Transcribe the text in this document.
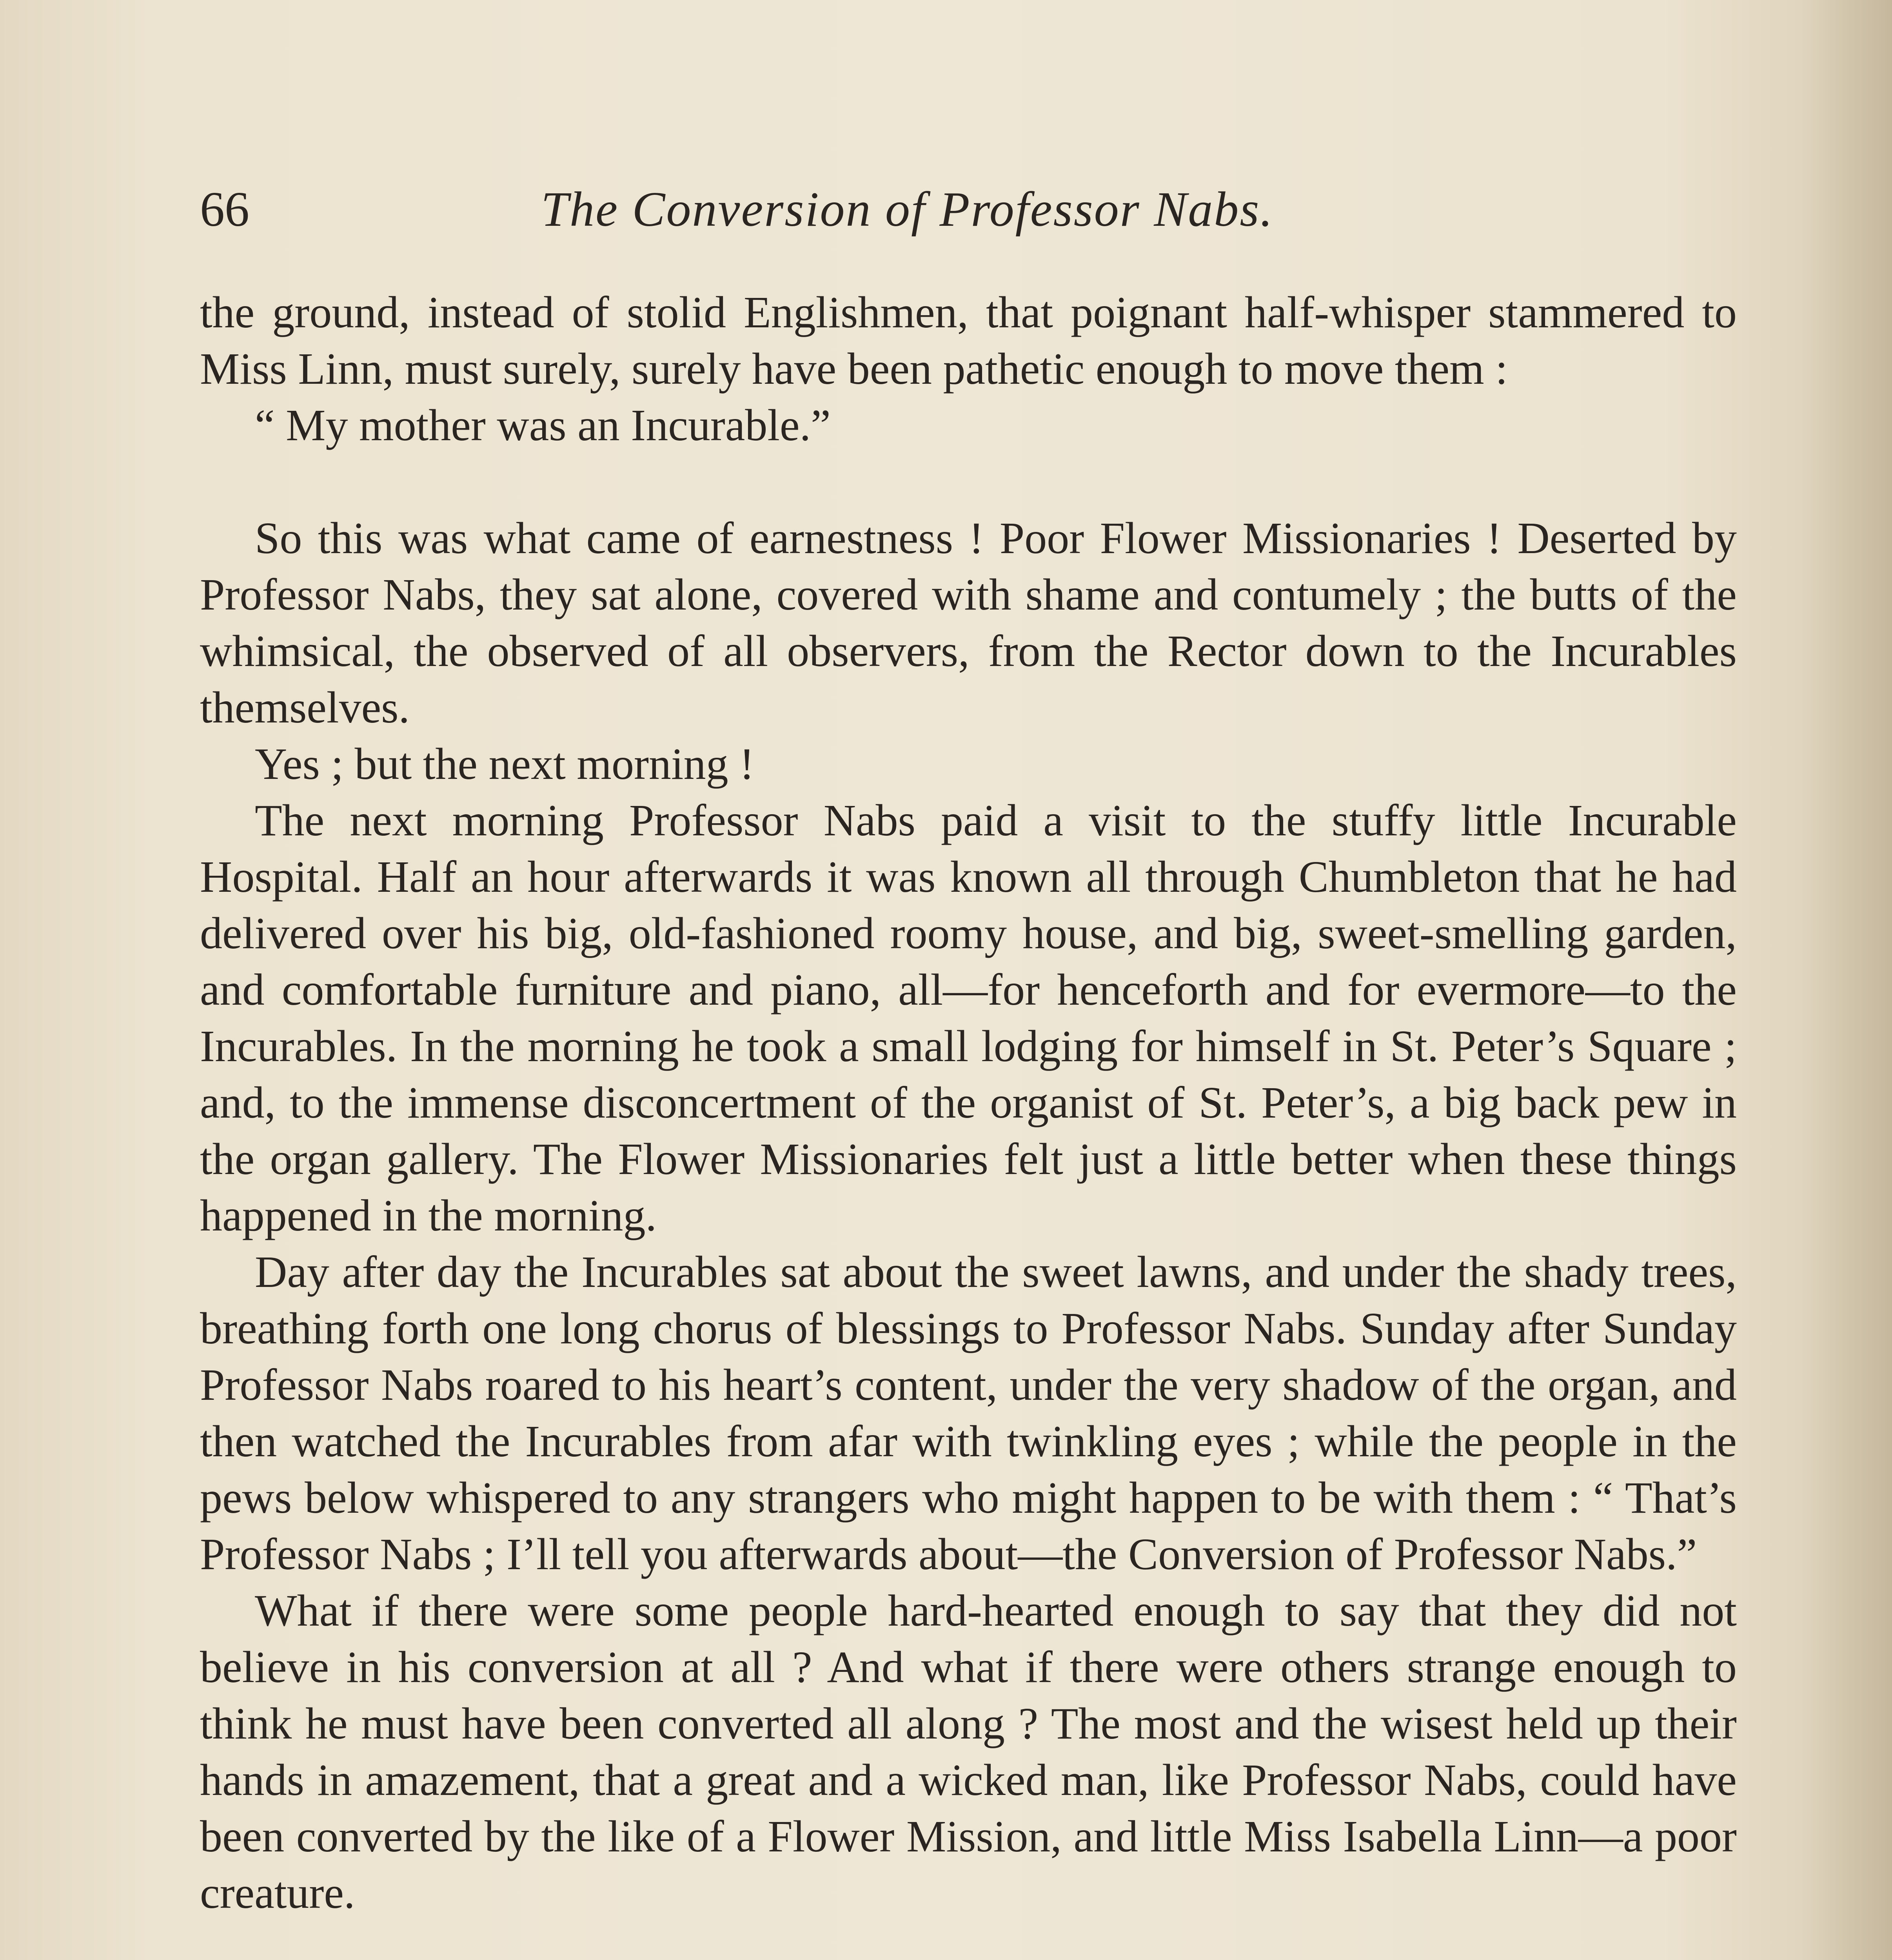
66	The Conversion of Professor Nabs.

the ground, instead of stolid Englishmen, that poignant half-whisper stammered to Miss Linn, must surely, surely have been pathetic enough to move them :

“ My mother was an Incurable.”

So this was what came of earnestness ! Poor Flower Missionaries ! Deserted by Professor Nabs, they sat alone, covered with shame and contumely ; the butts of the whimsical, the observed of all observers, from the Rector down to the Incurables themselves.

Yes ; but the next morning !

The next morning Professor Nabs paid a visit to the stuffy little Incurable Hospital. Half an hour afterwards it was known all through Chumbleton that he had delivered over his big, old-fashioned roomy house, and big, sweet-smelling garden, and comfortable furniture and piano, all—for henceforth and for evermore—to the Incurables. In the morning he took a small lodging for himself in St. Peter’s Square ; and, to the immense disconcertment of the organist of St. Peter’s, a big back pew in the organ gallery. The Flower Missionaries felt just a little better when these things happened in the morning.

Day after day the Incurables sat about the sweet lawns, and under the shady trees, breathing forth one long chorus of blessings to Professor Nabs. Sunday after Sunday Professor Nabs roared to his heart’s content, under the very shadow of the organ, and then watched the Incurables from afar with twinkling eyes ; while the people in the pews below whispered to any strangers who might happen to be with them : “ That’s Professor Nabs ; I’ll tell you afterwards about—the Conversion of Professor Nabs.”

What if there were some people hard-hearted enough to say that they did not believe in his conversion at all ? And what if there were others strange enough to think he must have been converted all along ? The most and the wisest held up their hands in amazement, that a great and a wicked man, like Professor Nabs, could have been converted by the like of a Flower Mission, and little Miss Isabella Linn—a poor creature.
